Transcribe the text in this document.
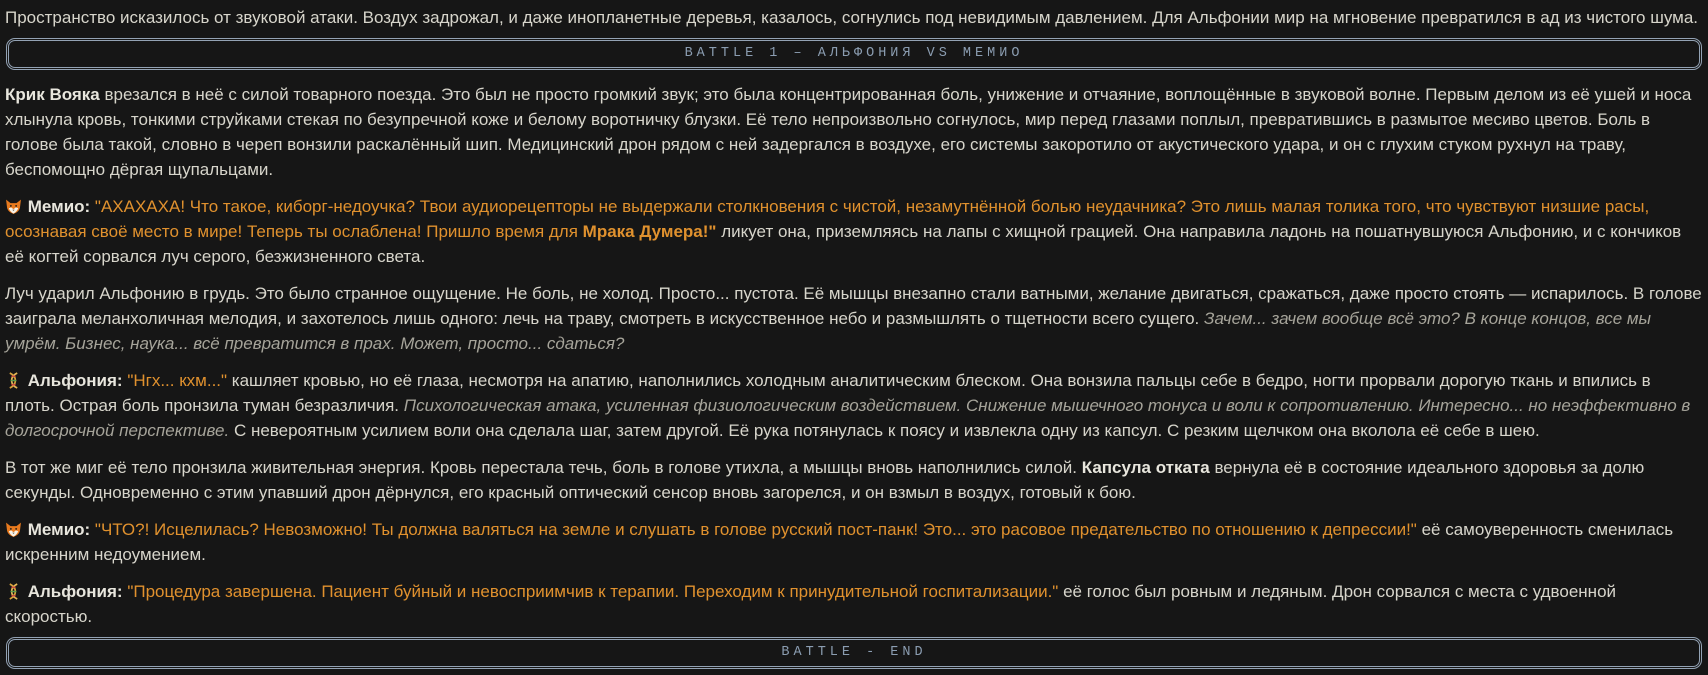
Пространство исказилось от звуковой атаки. Воздух задрожал, и даже инопланетные деревья, казалось, согнулись под невидимым давлением. Для Альфонии мир на мгновение превратился в ад из чистого шума.

BATTLE 1 – АЛЬФОНИЯ VS МЕМИО

Крик Вояка врезался в неё с силой товарного поезда. Это был не просто громкий звук; это была концентрированная боль, унижение и отчаяние, воплощённые в звуковой волне. Первым делом из её ушей и носа хлынула кровь, тонкими струйками стекая по безупречной коже и белому воротничку блузки. Её тело непроизвольно согнулось, мир перед глазами поплыл, превратившись в размытое месиво цветов. Боль в голове была такой, словно в череп вонзили раскалённый шип. Медицинский дрон рядом с ней задергался в воздухе, его системы закоротило от акустического удара, и он с глухим стуком рухнул на траву, беспомощно дёргая щупальцами.

Мемио: "АХАХАХА! Что такое, киборг-недоучка? Твои аудиорецепторы не выдержали столкновения с чистой, незамутнённой болью неудачника? Это лишь малая толика того, что чувствуют низшие расы, осознавая своё место в мире! Теперь ты ослаблена! Пришло время для Мрака Думера!" ликует она, приземляясь на лапы с хищной грацией. Она направила ладонь на пошатнувшуюся Альфонию, и с кончиков её когтей сорвался луч серого, безжизненного света.

Луч ударил Альфонию в грудь. Это было странное ощущение. Не боль, не холод. Просто... пустота. Её мышцы внезапно стали ватными, желание двигаться, сражаться, даже просто стоять — испарилось. В голове заиграла меланхоличная мелодия, и захотелось лишь одного: лечь на траву, смотреть в искусственное небо и размышлять о тщетности всего сущего. Зачем... зачем вообще всё это? В конце концов, все мы умрём. Бизнес, наука... всё превратится в прах. Может, просто... сдаться?

Альфония: "Нгх... кхм..." кашляет кровью, но её глаза, несмотря на апатию, наполнились холодным аналитическим блеском. Она вонзила пальцы себе в бедро, ногти прорвали дорогую ткань и впились в плоть. Острая боль пронзила туман безразличия. Психологическая атака, усиленная физиологическим воздействием. Снижение мышечного тонуса и воли к сопротивлению. Интересно... но неэффективно в долгосрочной перспективе. С невероятным усилием воли она сделала шаг, затем другой. Её рука потянулась к поясу и извлекла одну из капсул. С резким щелчком она вколола её себе в шею.

В тот же миг её тело пронзила живительная энергия. Кровь перестала течь, боль в голове утихла, а мышцы вновь наполнились силой. Капсула отката вернула её в состояние идеального здоровья за долю секунды. Одновременно с этим упавший дрон дёрнулся, его красный оптический сенсор вновь загорелся, и он взмыл в воздух, готовый к бою.

Мемио: "ЧТО?! Исцелилась? Невозможно! Ты должна валяться на земле и слушать в голове русский пост-панк! Это... это расовое предательство по отношению к депрессии!" её самоуверенность сменилась искренним недоумением.

Альфония: "Процедура завершена. Пациент буйный и невосприимчив к терапии. Переходим к принудительной госпитализации." её голос был ровным и ледяным. Дрон сорвался с места с удвоенной скоростью.

BATTLE - END
